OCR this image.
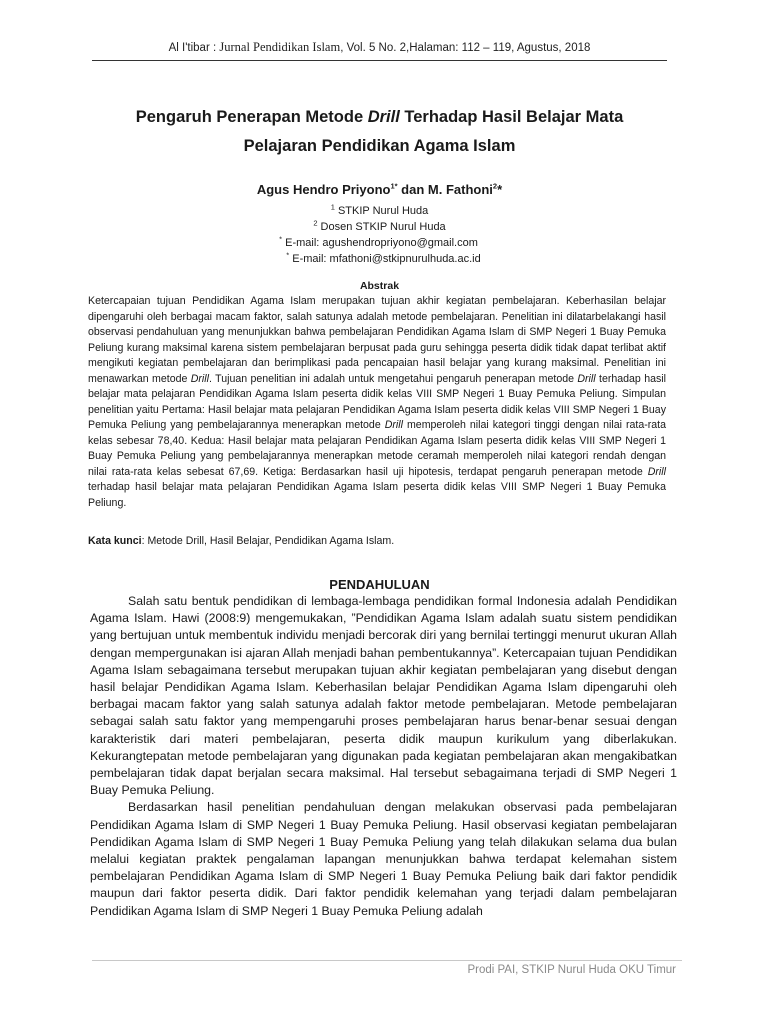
Al I'tibar : Jurnal Pendidikan Islam, Vol. 5 No. 2,Halaman: 112 – 119, Agustus, 2018
Pengaruh Penerapan Metode Drill Terhadap Hasil Belajar Mata
Pelajaran Pendidikan Agama Islam
Agus Hendro Priyono$^{1*}$ dan M. Fathoni$^2$*
$^1$ STKIP Nurul Huda
$^2$ Dosen STKIP Nurul Huda
* E-mail: agushendropriyono@gmail.com
* E-mail: mfathoni@stkipnurulhuda.ac.id
Abstrak

Ketercapaian tujuan Pendidikan Agama Islam merupakan tujuan akhir kegiatan pembelajaran. Keberhasilan belajar dipengaruhi oleh berbagai macam faktor, salah satunya adalah metode pembelajaran. Penelitian ini dilatarbelakangi hasil observasi pendahuluan yang menunjukkan bahwa pembelajaran Pendidikan Agama Islam di SMP Negeri 1 Buay Pemuka Peliung kurang maksimal karena sistem pembelajaran berpusat pada guru sehingga peserta didik tidak dapat terlibat aktif mengikuti kegiatan pembelajaran dan berimplikasi pada pencapaian hasil belajar yang kurang maksimal. Penelitian ini menawarkan metode Drill. Tujuan penelitian ini adalah untuk mengetahui pengaruh penerapan metode Drill terhadap hasil belajar mata pelajaran Pendidikan Agama Islam peserta didik kelas VIII SMP Negeri 1 Buay Pemuka Peliung. Simpulan penelitian yaitu Pertama: Hasil belajar mata pelajaran Pendidikan Agama Islam peserta didik kelas VIII SMP Negeri 1 Buay Pemuka Peliung yang pembelajarannya menerapkan metode Drill memperoleh nilai kategori tinggi dengan nilai rata-rata kelas sebesar 78,40. Kedua: Hasil belajar mata pelajaran Pendidikan Agama Islam peserta didik kelas VIII SMP Negeri 1 Buay Pemuka Peliung yang pembelajarannya menerapkan metode ceramah memperoleh nilai kategori rendah dengan nilai rata-rata kelas sebesat 67,69. Ketiga: Berdasarkan hasil uji hipotesis, terdapat pengaruh penerapan metode Drill terhadap hasil belajar mata pelajaran Pendidikan Agama Islam peserta didik kelas VIII SMP Negeri 1 Buay Pemuka Peliung.

Kata kunci: Metode Drill, Hasil Belajar, Pendidikan Agama Islam.
PENDAHULUAN

Salah satu bentuk pendidikan di lembaga-lembaga pendidikan formal Indonesia adalah Pendidikan Agama Islam. Hawi (2008:9) mengemukakan, ”Pendidikan Agama Islam adalah suatu sistem pendidikan yang bertujuan untuk membentuk individu menjadi bercorak diri yang bernilai tertinggi menurut ukuran Allah dengan mempergunakan isi ajaran Allah menjadi bahan pembentukannya”. Ketercapaian tujuan Pendidikan Agama Islam sebagaimana tersebut merupakan tujuan akhir kegiatan pembelajaran yang disebut dengan hasil belajar Pendidikan Agama Islam. Keberhasilan belajar Pendidikan Agama Islam dipengaruhi oleh berbagai macam faktor yang salah satunya adalah faktor metode pembelajaran. Metode pembelajaran sebagai salah satu faktor yang mempengaruhi proses pembelajaran harus benar-benar sesuai dengan karakteristik dari materi pembelajaran, peserta didik maupun kurikulum yang diberlakukan. Kekurangtepatan metode pembelajaran yang digunakan pada kegiatan pembelajaran akan mengakibatkan pembelajaran tidak dapat berjalan secara maksimal. Hal tersebut sebagaimana terjadi di SMP Negeri 1 Buay Pemuka Peliung.

Berdasarkan hasil penelitian pendahuluan dengan melakukan observasi pada pembelajaran Pendidikan Agama Islam di SMP Negeri 1 Buay Pemuka Peliung. Hasil observasi kegiatan pembelajaran Pendidikan Agama Islam di SMP Negeri 1 Buay Pemuka Peliung yang telah dilakukan selama dua bulan melalui kegiatan praktek pengalaman lapangan menunjukkan bahwa terdapat kelemahan sistem pembelajaran Pendidikan Agama Islam di SMP Negeri 1 Buay Pemuka Peliung baik dari faktor pendidik maupun dari faktor peserta didik. Dari faktor pendidik kelemahan yang terjadi dalam pembelajaran Pendidikan Agama Islam di SMP Negeri 1 Buay Pemuka Peliung adalah

Prodi PAI, STKIP Nurul Huda OKU Timur
